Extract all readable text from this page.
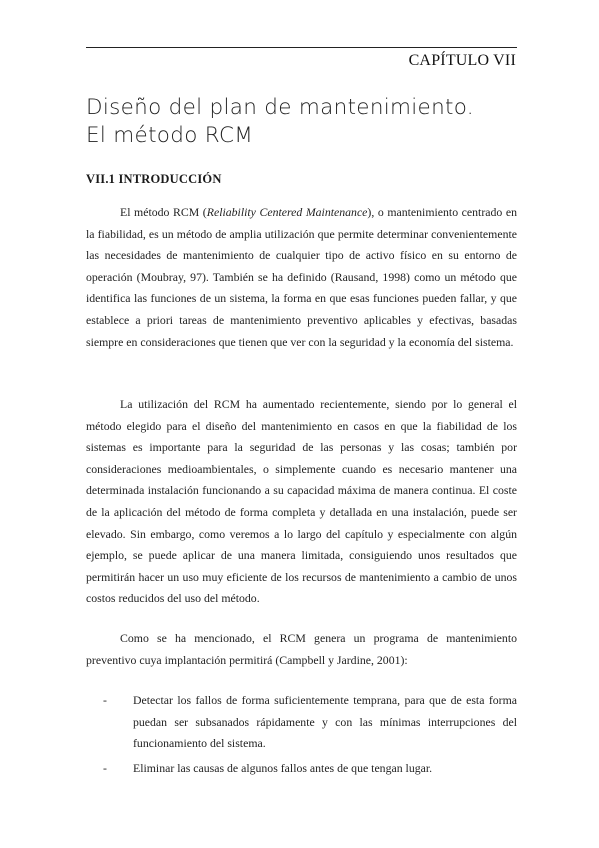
CAPÍTULO VII
Diseño del plan de mantenimiento.
El método RCM
VII.1 INTRODUCCIÓN

El método RCM (Reliability Centered Maintenance), o mantenimiento centrado en la fiabilidad, es un método de amplia utilización que permite determinar convenientemente las necesidades de mantenimiento de cualquier tipo de activo físico en su entorno de operación (Moubray, 97). También se ha definido (Rausand, 1998) como un método que identifica las funciones de un sistema, la forma en que esas funciones pueden fallar, y que establece a priori tareas de mantenimiento preventivo aplicables y efectivas, basadas siempre en consideraciones que tienen que ver con la seguridad y la economía del sistema.

La utilización del RCM ha aumentado recientemente, siendo por lo general el método elegido para el diseño del mantenimiento en casos en que la fiabilidad de los sistemas es importante para la seguridad de las personas y las cosas; también por consideraciones medioambientales, o simplemente cuando es necesario mantener una determinada instalación funcionando a su capacidad máxima de manera continua. El coste de la aplicación del método de forma completa y detallada en una instalación, puede ser elevado. Sin embargo, como veremos a lo largo del capítulo y especialmente con algún ejemplo, se puede aplicar de una manera limitada, consiguiendo unos resultados que permitirán hacer un uso muy eficiente de los recursos de mantenimiento a cambio de unos costos reducidos del uso del método.

Como se ha mencionado, el RCM genera un programa de mantenimiento preventivo cuya implantación permitirá (Campbell y Jardine, 2001):

- Detectar los fallos de forma suficientemente temprana, para que de esta forma puedan ser subsanados rápidamente y con las mínimas interrupciones del funcionamiento del sistema.
- Eliminar las causas de algunos fallos antes de que tengan lugar.
